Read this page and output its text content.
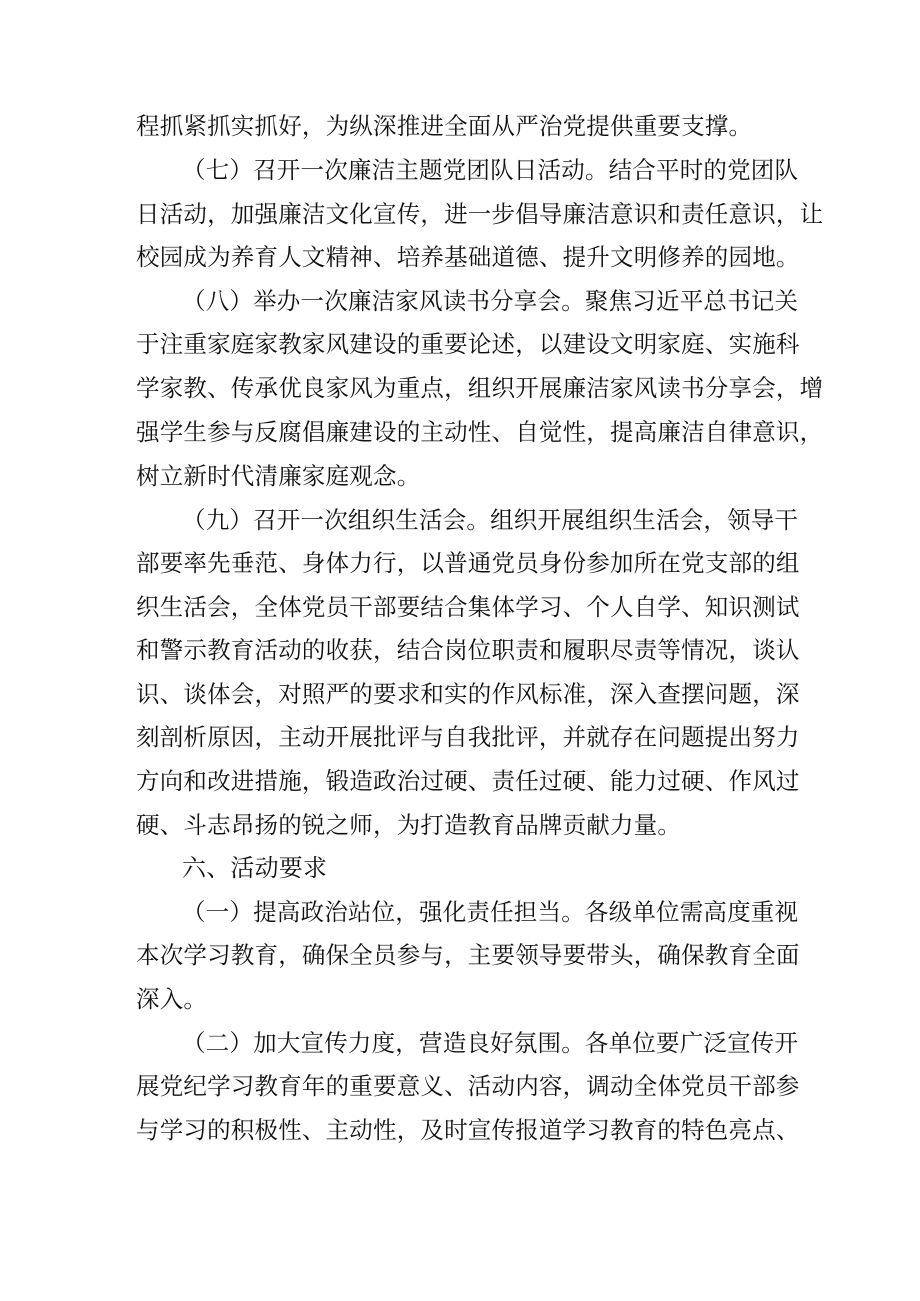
程抓紧抓实抓好，为纵深推进全面从严治党提供重要支撑。
（七）召开一次廉洁主题党团队日活动。结合平时的党团队
日活动，加强廉洁文化宣传，进一步倡导廉洁意识和责任意识，让
校园成为养育人文精神、培养基础道德、提升文明修养的园地。
（八）举办一次廉洁家风读书分享会。聚焦习近平总书记关
于注重家庭家教家风建设的重要论述，以建设文明家庭、实施科
学家教、传承优良家风为重点，组织开展廉洁家风读书分享会，增
强学生参与反腐倡廉建设的主动性、自觉性，提高廉洁自律意识，
树立新时代清廉家庭观念。
（九）召开一次组织生活会。组织开展组织生活会，领导干
部要率先垂范、身体力行，以普通党员身份参加所在党支部的组
织生活会，全体党员干部要结合集体学习、个人自学、知识测试
和警示教育活动的收获，结合岗位职责和履职尽责等情况，谈认
识、谈体会，对照严的要求和实的作风标准，深入查摆问题，深
刻剖析原因，主动开展批评与自我批评，并就存在问题提出努力
方向和改进措施，锻造政治过硬、责任过硬、能力过硬、作风过
硬、斗志昂扬的锐之师，为打造教育品牌贡献力量。
六、活动要求
（一）提高政治站位，强化责任担当。各级单位需高度重视
本次学习教育，确保全员参与，主要领导要带头，确保教育全面
深入。
（二）加大宣传力度，营造良好氛围。各单位要广泛宣传开
展党纪学习教育年的重要意义、活动内容，调动全体党员干部参
与学习的积极性、主动性，及时宣传报道学习教育的特色亮点、
